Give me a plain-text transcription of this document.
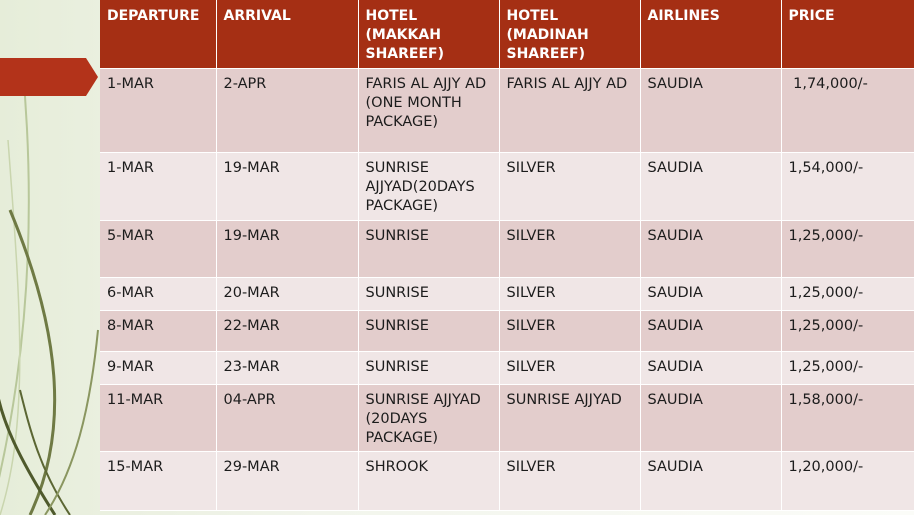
DEPARTURE	ARRIVAL	HOTEL (MAKKAH SHAREEF)	HOTEL (MADINAH SHAREEF)	AIRLINES	PRICE
1-MAR	2-APR	FARIS AL AJJY AD (ONE MONTH PACKAGE)	FARIS AL AJJY AD	SAUDIA	1,74,000/-
1-MAR	19-MAR	SUNRISE AJJYAD(20DAYS PACKAGE)	SILVER	SAUDIA	1,54,000/-
5-MAR	19-MAR	SUNRISE	SILVER	SAUDIA	1,25,000/-
6-MAR	20-MAR	SUNRISE	SILVER	SAUDIA	1,25,000/-
8-MAR	22-MAR	SUNRISE	SILVER	SAUDIA	1,25,000/-
9-MAR	23-MAR	SUNRISE	SILVER	SAUDIA	1,25,000/-
11-MAR	04-APR	SUNRISE AJJYAD (20DAYS PACKAGE)	SUNRISE AJJYAD	SAUDIA	1,58,000/-
15-MAR	29-MAR	SHROOK	SILVER	SAUDIA	1,20,000/-
